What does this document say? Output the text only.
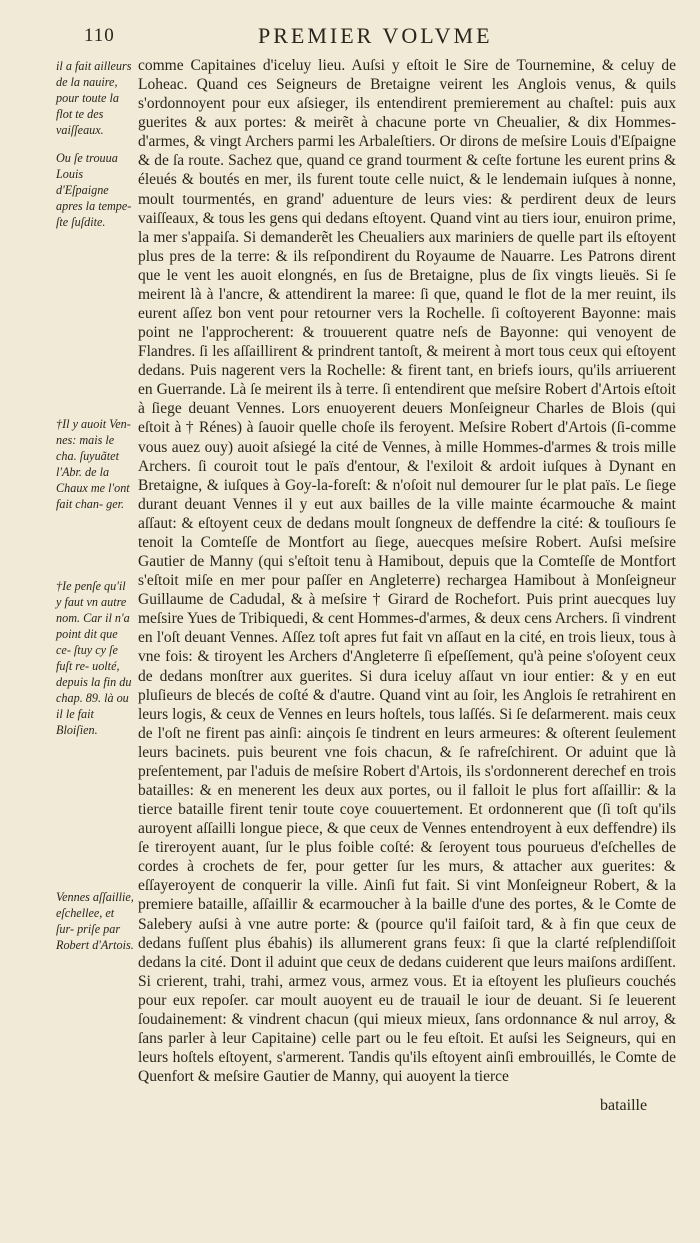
110	PREMIER VOLVME
il a fait ailleurs de la nauire, pour toute la flot te des vaiſſeaux.
Ou ſe trouua Louis d'Eſpaigne apres la tempe- ſte ſuſdite.
†Il y auoit Ven- nes: mais le cha. ſuyuãtet l'Abr. de la Chaux me l'ont fait chan- ger.
†Ie penſe qu'il y faut vn autre nom. Car il n'a point dit que ce- ſtuy cy ſe fuſt re- uolté, depuis la fin du chap. 89. là ou il le fait Bloiſien.
Vennes aſſaillie, eſchellee, et ſur- priſe par Robert d'Artois.

comme Capitaines d'iceluy lieu. Auſsi y eſtoit le Sire de Tournemine, & celuy de Loheac. Quand ces Seigneurs de Bretaigne veirent les Anglois venus, & quils s'ordonnoyent pour eux aſsieger, ils entendirent premierement au chaſtel: puis aux guerites & aux portes: & meirẽt à chacune porte vn Cheualier, & dix Hommes-d'armes, & vingt Archers parmi les Arbaleſtiers. Or dirons de meſsire Louis d'Eſpaigne & de ſa route. Sachez que, quand ce grand tourment & ceſte fortune les eurent prins & éleués & boutés en mer, ils furent toute celle nuict, & le lendemain iuſques à nonne, moult tourmentés, en grand' aduenture de leurs vies: & perdirent deux de leurs vaiſſeaux, & tous les gens qui dedans eſtoyent. Quand vint au tiers iour, enuiron prime, la mer s'appaiſa. Si demanderẽt les Cheualiers aux mariniers de quelle part ils eſtoyent plus pres de la terre: & ils reſpondirent du Royaume de Nauarre. Les Patrons dirent que le vent les auoit elongnés, en ſus de Bretaigne, plus de ſix vingts lieuës. Si ſe meirent là à l'ancre, & attendirent la maree: ſi que, quand le flot de la mer reuint, ils eurent aſſez bon vent pour retourner vers la Rochelle. ſi coſtoyerent Bayonne: mais point ne l'approcherent: & trouuerent quatre neſs de Bayonne: qui venoyent de Flandres. ſi les aſſaillirent & prindrent tantoſt, & meirent à mort tous ceux qui eſtoyent dedans. Puis nagerent vers la Rochelle: & firent tant, en briefs iours, qu'ils arriuerent en Guerrande. Là ſe meirent ils à terre. ſi entendirent que meſsire Robert d'Artois eſtoit à ſiege deuant Vennes. Lors enuoyerent deuers Monſeigneur Charles de Blois (qui eſtoit à † Rénes) à ſauoir quelle choſe ils feroyent. Meſsire Robert d'Artois (ſi-comme vous auez ouy) auoit aſsiegé la cité de Vennes, à mille Hommes-d'armes & trois mille Archers. ſi couroit tout le païs d'entour, & l'exiloit & ardoit iuſques à Dynant en Bretaigne, & iuſques à Goy-la-foreſt: & n'oſoit nul demourer ſur le plat païs. Le ſiege durant deuant Vennes il y eut aux bailles de la ville mainte écarmouche & maint aſſaut: & eſtoyent ceux de dedans moult ſongneux de deffendre la cité: & touſiours ſe tenoit la Comteſſe de Montfort au ſiege, auecques meſsire Robert. Auſsi meſsire Gautier de Manny (qui s'eſtoit tenu à Hamibout, depuis que la Comteſſe de Montfort s'eſtoit miſe en mer pour paſſer en Angleterre) rechargea Hamibout à Monſeigneur Guillaume de Cadudal, & à meſsire † Girard de Rochefort. Puis print auecques luy meſsire Yues de Tribiquedi, & cent Hommes-d'armes, & deux cens Archers. ſi vindrent en l'oſt deuant Vennes. Aſſez toſt apres fut fait vn aſſaut en la cité, en trois lieux, tous à vne fois: & tiroyent les Archers d'Angleterre ſi eſpeſſement, qu'à peine s'oſoyent ceux de dedans monſtrer aux guerites. Si dura iceluy aſſaut vn iour entier: & y en eut pluſieurs de blecés de coſté & d'autre. Quand vint au ſoir, les Anglois ſe retrahirent en leurs logis, & ceux de Vennes en leurs hoſtels, tous laſſés. Si ſe deſarmerent. mais ceux de l'oſt ne firent pas ainſi: ainçois ſe tindrent en leurs armeures: & oſterent ſeulement leurs bacinets. puis beurent vne fois chacun, & ſe rafreſchirent. Or aduint que là preſentement, par l'aduis de meſsire Robert d'Artois, ils s'ordonnerent derechef en trois batailles: & en menerent les deux aux portes, ou il falloit le plus fort aſſaillir: & la tierce bataille firent tenir toute coye couuertement. Et ordonnerent que (ſi toſt qu'ils auroyent aſſailli longue piece, & que ceux de Vennes entendroyent à eux deffendre) ils ſe tireroyent auant, ſur le plus foible coſté: & ſeroyent tous pourueus d'eſchelles de cordes à crochets de fer, pour getter ſur les murs, & attacher aux guerites: & eſſayeroyent de conquerir la ville. Ainſi fut fait. Si vint Monſeigneur Robert, & la premiere bataille, aſſaillir & ecarmoucher à la baille d'une des portes, & le Comte de Salebery auſsi à vne autre porte: & (pource qu'il faiſoit tard, & à fin que ceux de dedans fuſſent plus ébahis) ils allumerent grans feux: ſi que la clarté reſplendiſſoit dedans la cité. Dont il aduint que ceux de dedans cuiderent que leurs maiſons ardiſſent. Si crierent, trahi, trahi, armez vous, armez vous. Et ia eſtoyent les pluſieurs couchés pour eux repoſer. car moult auoyent eu de trauail le iour de deuant. Si ſe leuerent ſoudainement: & vindrent chacun (qui mieux mieux, ſans ordonnance & nul arroy, & ſans parler à leur Capitaine) celle part ou le feu eſtoit. Et auſsi les Seigneurs, qui en leurs hoſtels eſtoyent, s'armerent. Tandis qu'ils eſtoyent ainſi embrouillés, le Comte de Quenfort & meſsire Gautier de Manny, qui auoyent la tierce

bataille
